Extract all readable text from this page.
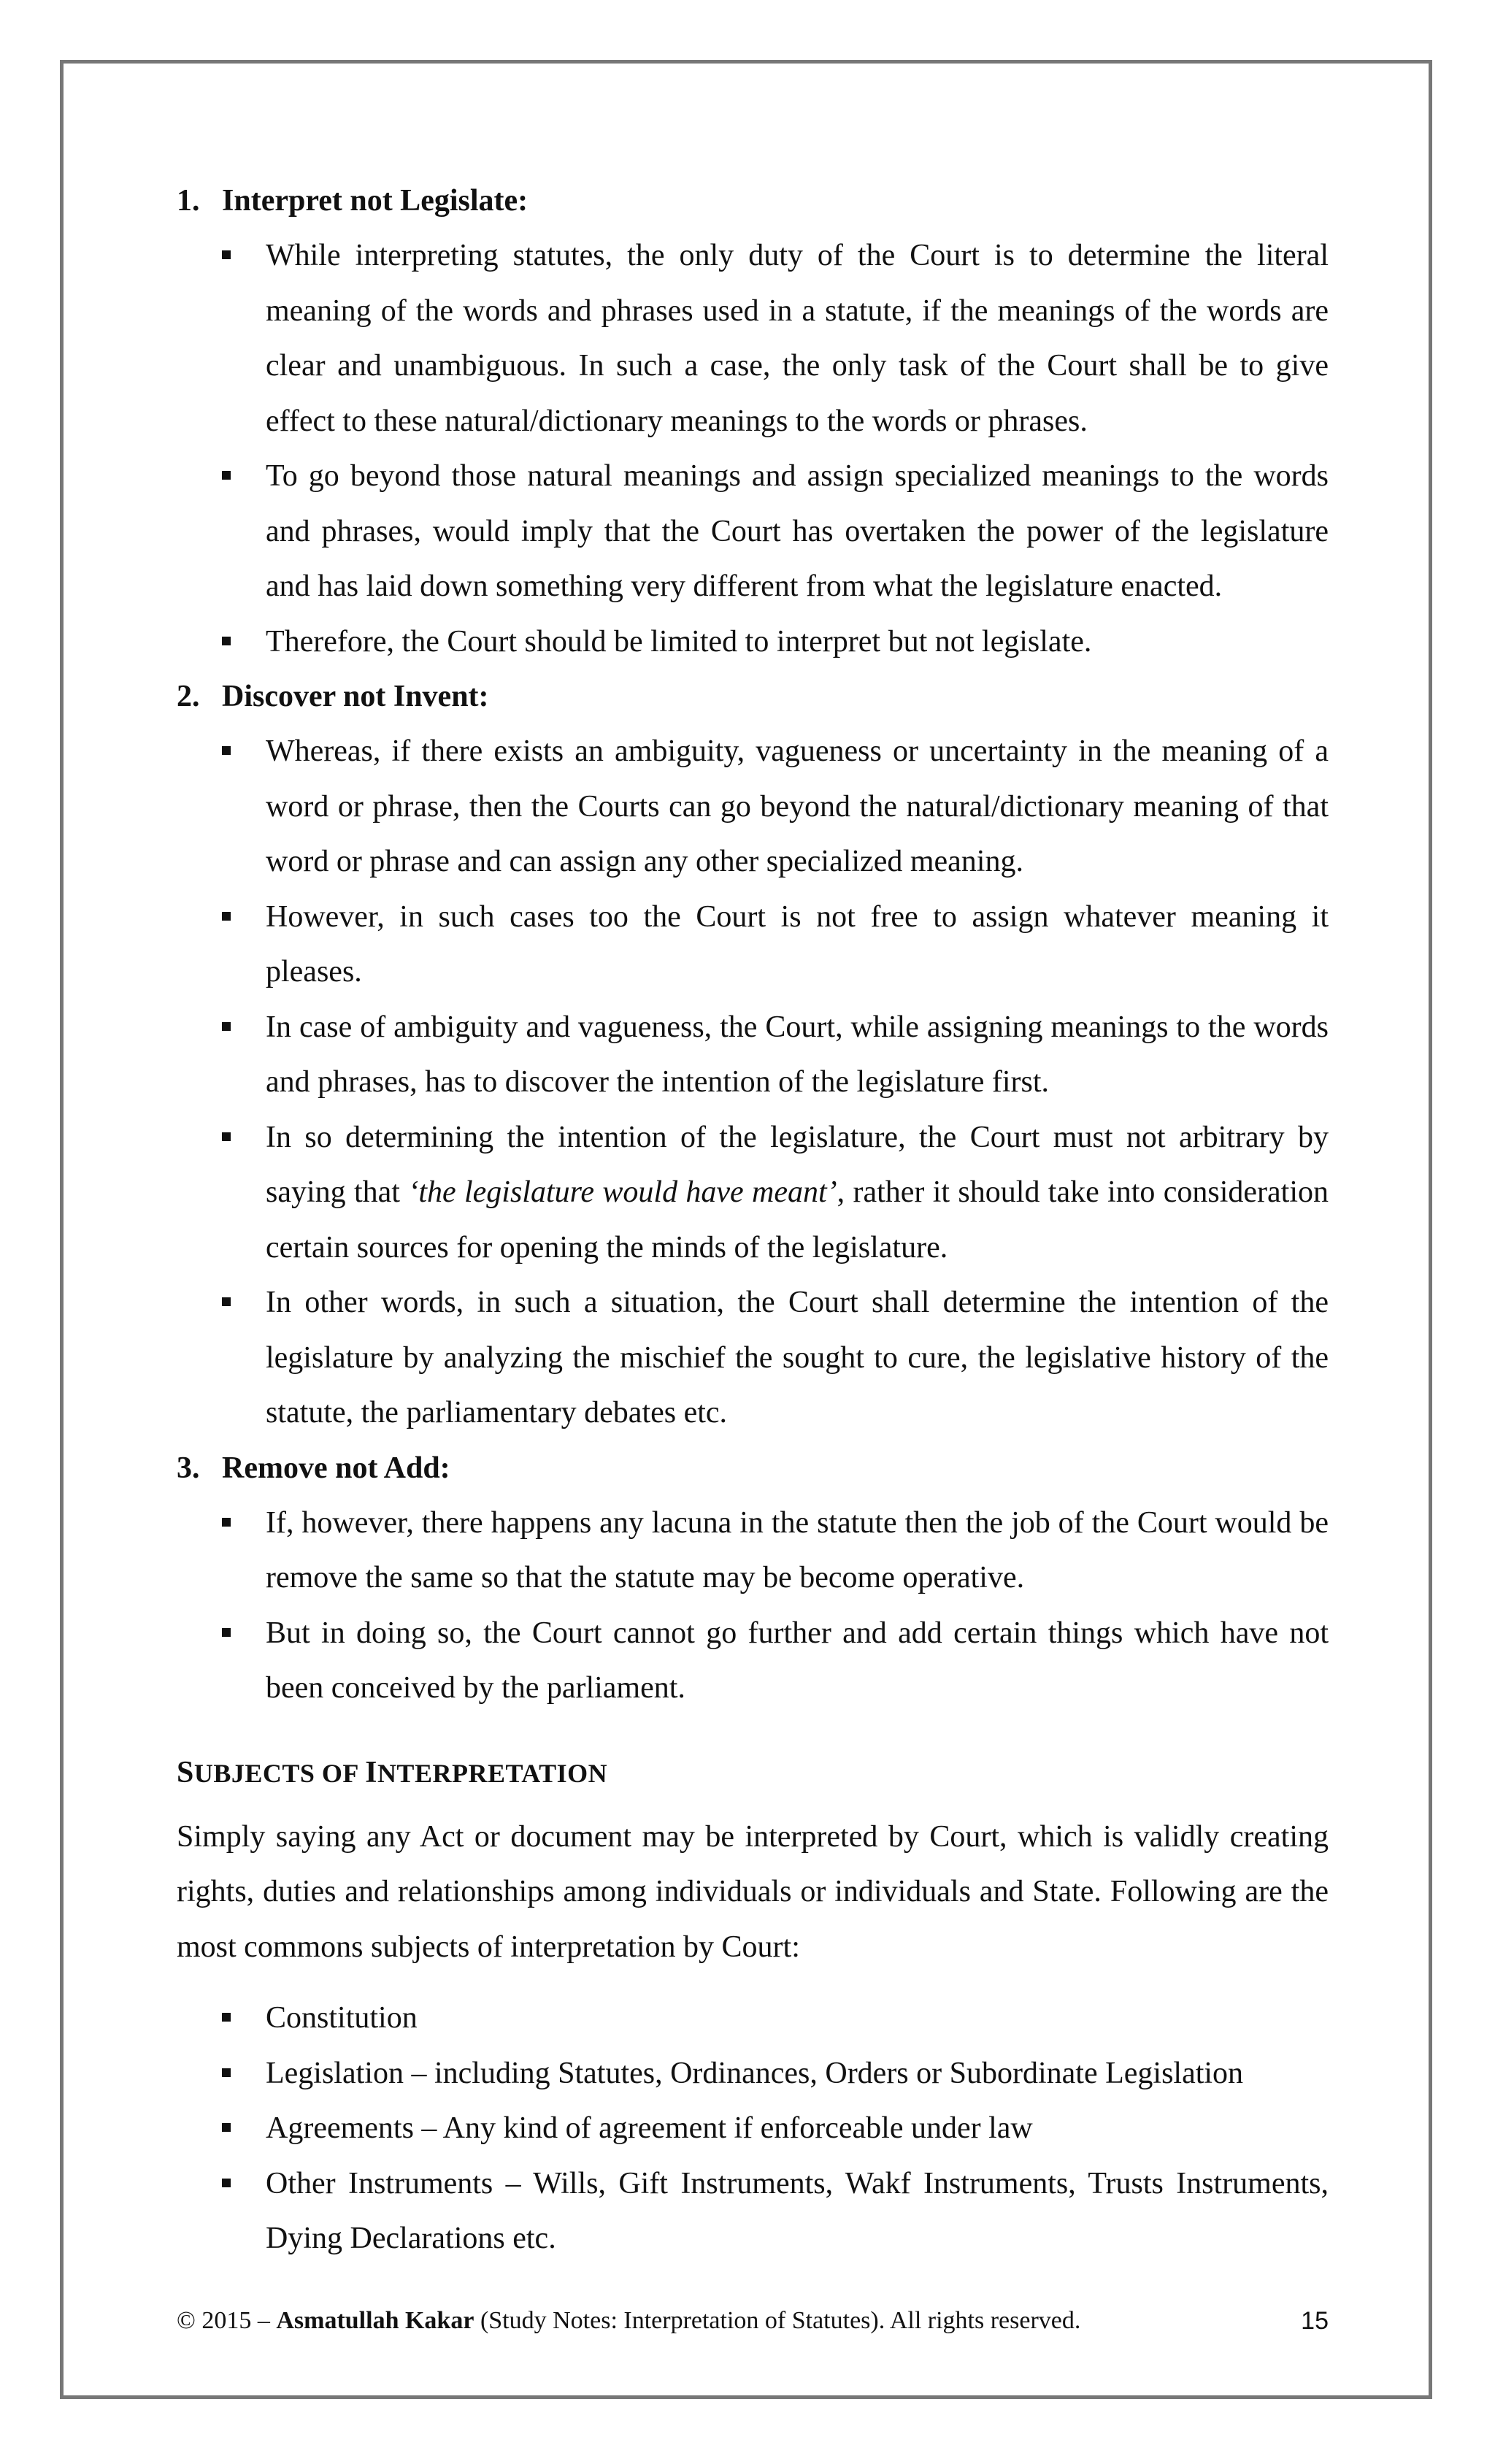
1. Interpret not Legislate:
While interpreting statutes, the only duty of the Court is to determine the literal meaning of the words and phrases used in a statute, if the meanings of the words are clear and unambiguous. In such a case, the only task of the Court shall be to give effect to these natural/dictionary meanings to the words or phrases.
To go beyond those natural meanings and assign specialized meanings to the words and phrases, would imply that the Court has overtaken the power of the legislature and has laid down something very different from what the legislature enacted.
Therefore, the Court should be limited to interpret but not legislate.
2. Discover not Invent:
Whereas, if there exists an ambiguity, vagueness or uncertainty in the meaning of a word or phrase, then the Courts can go beyond the natural/dictionary meaning of that word or phrase and can assign any other specialized meaning.
However, in such cases too the Court is not free to assign whatever meaning it pleases.
In case of ambiguity and vagueness, the Court, while assigning meanings to the words and phrases, has to discover the intention of the legislature first.
In so determining the intention of the legislature, the Court must not arbitrary by saying that ‘the legislature would have meant’, rather it should take into consideration certain sources for opening the minds of the legislature.
In other words, in such a situation, the Court shall determine the intention of the legislature by analyzing the mischief the sought to cure, the legislative history of the statute, the parliamentary debates etc.
3. Remove not Add:
If, however, there happens any lacuna in the statute then the job of the Court would be remove the same so that the statute may be become operative.
But in doing so, the Court cannot go further and add certain things which have not been conceived by the parliament.
SUBJECTS OF INTERPRETATION
Simply saying any Act or document may be interpreted by Court, which is validly creating rights, duties and relationships among individuals or individuals and State. Following are the most commons subjects of interpretation by Court:
Constitution
Legislation – including Statutes, Ordinances, Orders or Subordinate Legislation
Agreements – Any kind of agreement if enforceable under law
Other Instruments – Wills, Gift Instruments, Wakf Instruments, Trusts Instruments, Dying Declarations etc.
© 2015 – Asmatullah Kakar (Study Notes: Interpretation of Statutes). All rights reserved.	15
